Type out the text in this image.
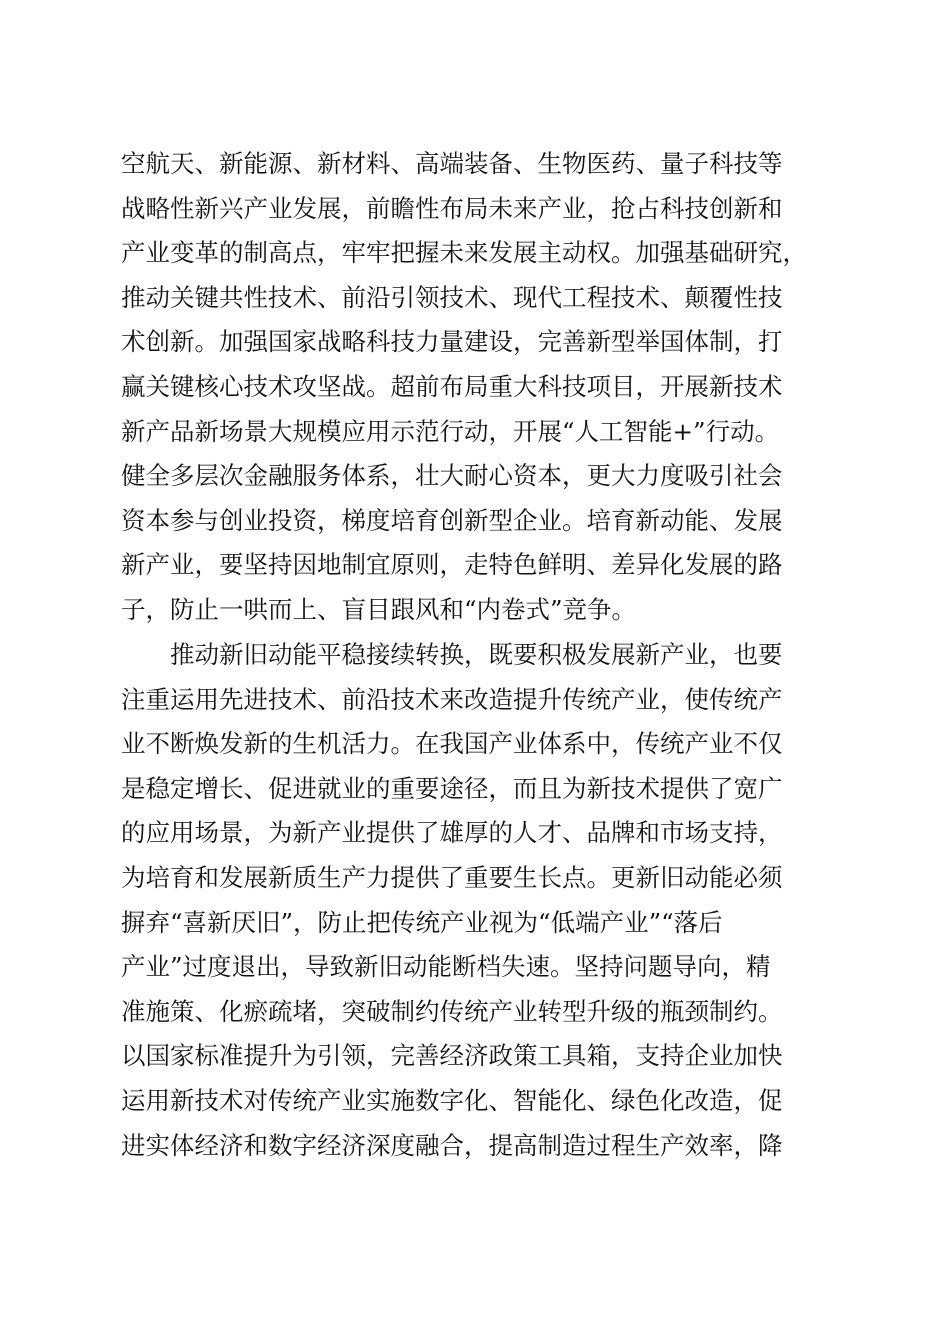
空航天、新能源、新材料、高端装备、生物医药、量子科技等
战略性新兴产业发展，前瞻性布局未来产业，抢占科技创新和
产业变革的制高点，牢牢把握未来发展主动权。加强基础研究，
推动关键共性技术、前沿引领技术、现代工程技术、颠覆性技
术创新。加强国家战略科技力量建设，完善新型举国体制，打
赢关键核心技术攻坚战。超前布局重大科技项目，开展新技术
新产品新场景大规模应用示范行动，开展“人工智能+”行动。
健全多层次金融服务体系，壮大耐心资本，更大力度吸引社会
资本参与创业投资，梯度培育创新型企业。培育新动能、发展
新产业，要坚持因地制宜原则，走特色鲜明、差异化发展的路
子，防止一哄而上、盲目跟风和“内卷式”竞争。
推动新旧动能平稳接续转换，既要积极发展新产业，也要
注重运用先进技术、前沿技术来改造提升传统产业，使传统产
业不断焕发新的生机活力。在我国产业体系中，传统产业不仅
是稳定增长、促进就业的重要途径，而且为新技术提供了宽广
的应用场景，为新产业提供了雄厚的人才、品牌和市场支持，
为培育和发展新质生产力提供了重要生长点。更新旧动能必须
摒弃“喜新厌旧”，防止把传统产业视为“低端产业”“落后
产业”过度退出，导致新旧动能断档失速。坚持问题导向，精
准施策、化瘀疏堵，突破制约传统产业转型升级的瓶颈制约。
以国家标准提升为引领，完善经济政策工具箱，支持企业加快
运用新技术对传统产业实施数字化、智能化、绿色化改造，促
进实体经济和数字经济深度融合，提高制造过程生产效率，降
